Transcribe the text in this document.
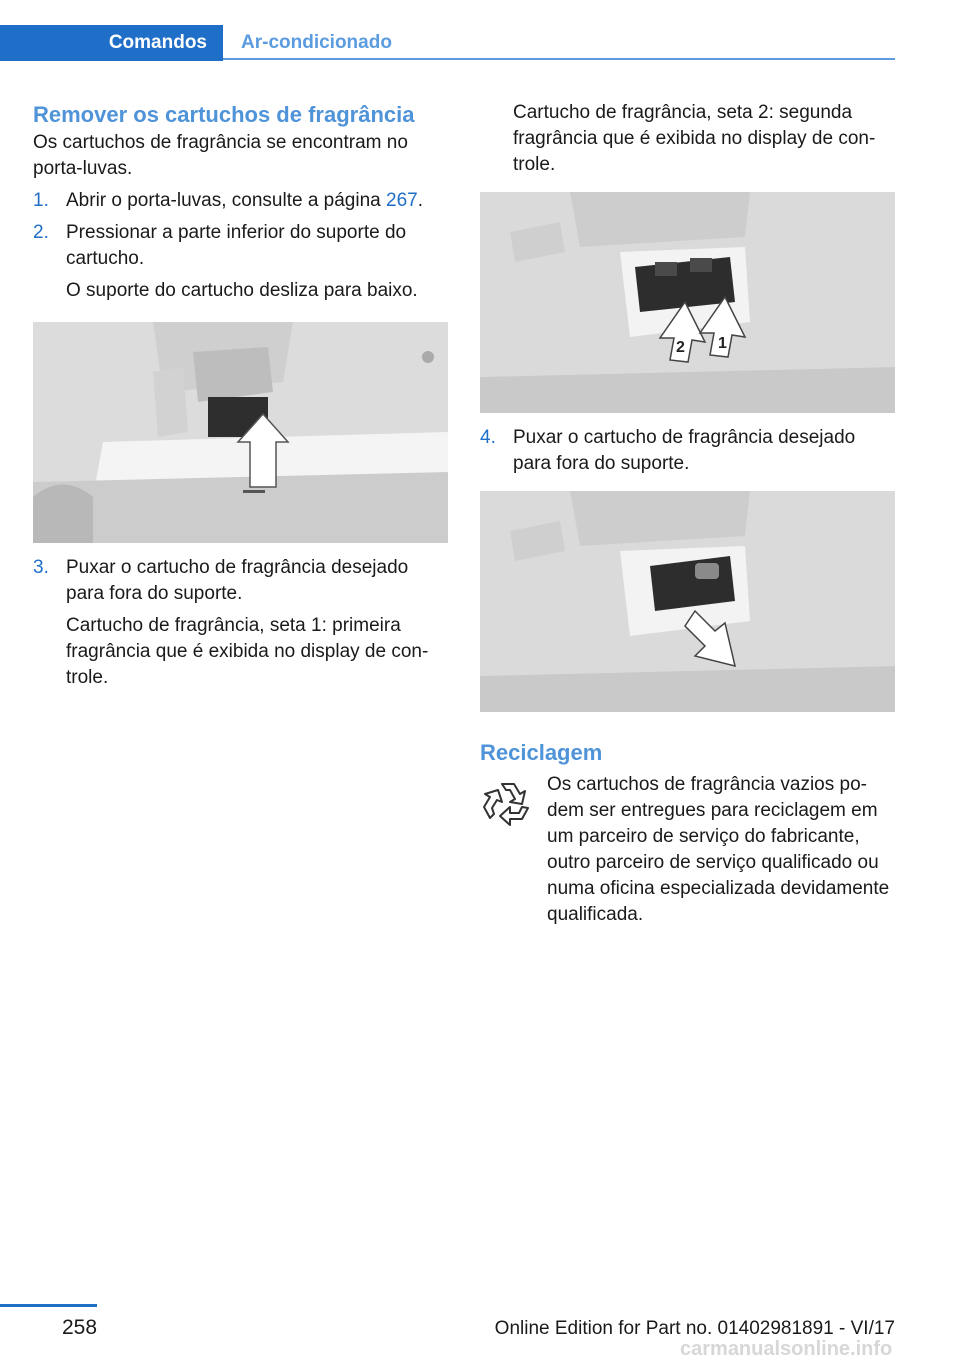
Comandos	Ar-condicionado
Remover os cartuchos de fragrância

Os cartuchos de fragrância se encontram no porta-luvas.

1. Abrir o porta-luvas, consulte a página 267.
2. Pressionar a parte inferior do suporte do cartucho.

O suporte do cartucho desliza para baixo.

3. Puxar o cartucho de fragrância desejado para fora do suporte.

Cartucho de fragrância, seta 1: primeira fragrância que é exibida no display de con-trole.

Cartucho de fragrância, seta 2: segunda fragrância que é exibida no display de con-trole.

2 1
4. Puxar o cartucho de fragrância desejado para fora do suporte.

Reciclagem

Os cartuchos de fragrância vazios po-dem ser entregues para reciclagem em um parceiro de serviço do fabricante, outro parceiro de serviço qualificado ou numa oficina especializada devidamente qualificada.

258	Online Edition for Part no. 01402981891 - VI/17
carmanualsonline.info
